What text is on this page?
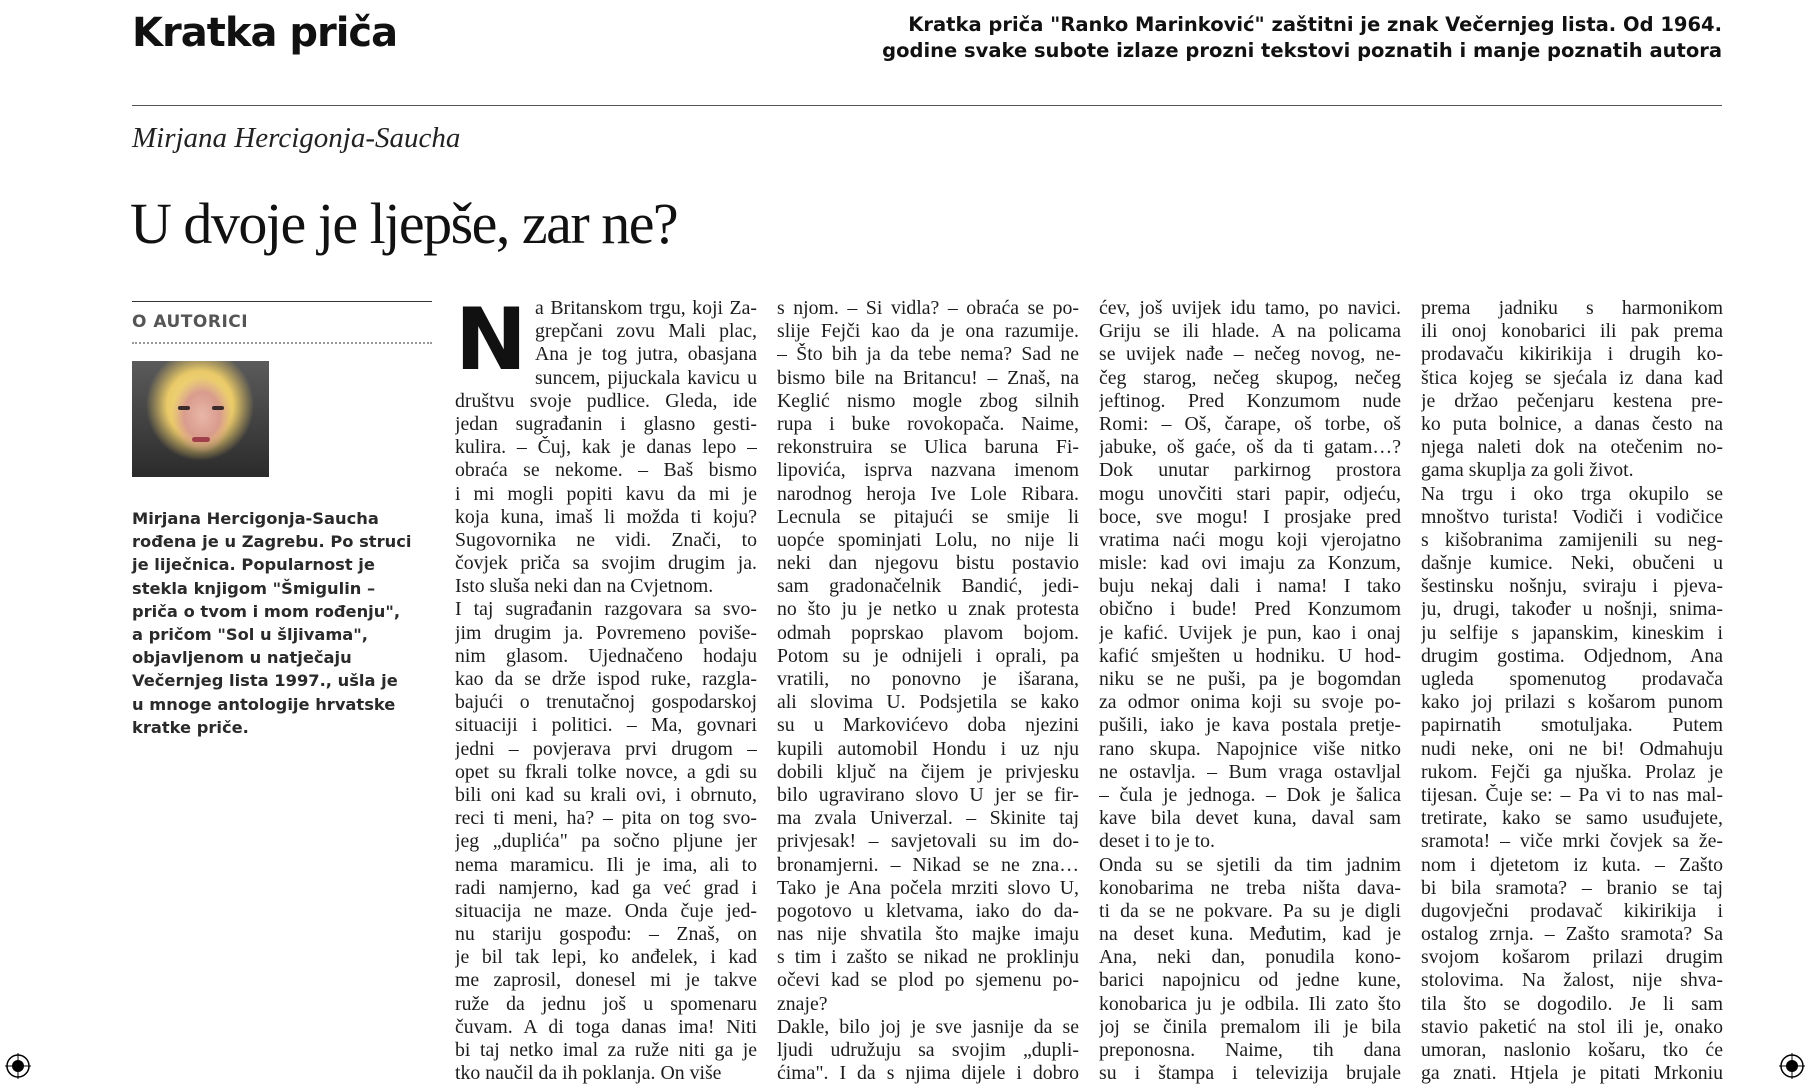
Kratka priča	Kratka priča "Ranko Marinković" zaštitni je znak Večernjeg lista. Od 1964.
godine svake subote izlaze prozni tekstovi poznatih i manje poznatih autora
Mirjana Hercigonja-Saucha
U dvoje je ljepše, zar ne?
O AUTORICI
Mirjana Hercigonja-Saucha
rođena je u Zagrebu. Po struci
je liječnica. Popularnost je
stekla knjigom "Šmigulin –
priča o tvom i mom rođenju",
a pričom "Sol u šljivama",
objavljenom u natječaju
Večernjeg lista 1997., ušla je
u mnoge antologije hrvatske
kratke priče.
N a Britanskom trgu, koji Za-
grepčani zovu Mali plac,
Ana je tog jutra, obasjana
suncem, pijuckala kavicu u
društvu svoje pudlice. Gleda, ide
jedan sugrađanin i glasno gesti-
kulira. – Čuj, kak je danas lepo –
obraća se nekome. – Baš bismo
i mi mogli popiti kavu da mi je
koja kuna, imaš li možda ti koju?
Sugovornika ne vidi. Znači, to
čovjek priča sa svojim drugim ja.
Isto sluša neki dan na Cvjetnom.
I taj sugrađanin razgovara sa svo-
jim drugim ja. Povremeno poviše-
nim glasom. Ujednačeno hodaju
kao da se drže ispod ruke, razgla-
bajući o trenutačnoj gospodarskoj
situaciji i politici. – Ma, govnari
jedni – povjerava prvi drugom –
opet su fkrali tolke novce, a gdi su
bili oni kad su krali ovi, i obrnuto,
reci ti meni, ha? – pita on tog svo-
jeg „duplića" pa sočno pljune jer
nema maramicu. Ili je ima, ali to
radi namjerno, kad ga već grad i
situacija ne maze. Onda čuje jed-
nu stariju gospođu: – Znaš, on
je bil tak lepi, ko anđelek, i kad
me zaprosil, donesel mi je takve
ruže da jednu još u spomenaru
čuvam. A di toga danas ima! Niti
bi taj netko imal za ruže niti ga je
tko naučil da ih poklanja. On više
s njom. – Si vidla? – obraća se po-
slije Fejči kao da je ona razumije.
– Što bih ja da tebe nema? Sad ne
bismo bile na Britancu! – Znaš, na
Keglić nismo mogle zbog silnih
rupa i buke rovokopača. Naime,
rekonstruira se Ulica baruna Fi-
lipovića, isprva nazvana imenom
narodnog heroja Ive Lole Ribara.
Lecnula se pitajući se smije li
uopće spominjati Lolu, no nije li
neki dan njegovu bistu postavio
sam gradonačelnik Bandić, jedi-
no što ju je netko u znak protesta
odmah poprskao plavom bojom.
Potom su je odnijeli i oprali, pa
vratili, no ponovno je išarana,
ali slovima U. Podsjetila se kako
su u Markovićevo doba njezini
kupili automobil Hondu i uz nju
dobili ključ na čijem je privjesku
bilo ugravirano slovo U jer se fir-
ma zvala Univerzal. – Skinite taj
privjesak! – savjetovali su im do-
bronamjerni. – Nikad se ne zna…
Tako je Ana počela mrziti slovo U,
pogotovo u kletvama, iako do da-
nas nije shvatila što majke imaju
s tim i zašto se nikad ne proklinju
očevi kad se plod po sjemenu po-
znaje?
Dakle, bilo joj je sve jasnije da se
ljudi udružuju sa svojim „dupli-
ćima". I da s njima dijele i dobro
ćev, još uvijek idu tamo, po navici.
Griju se ili hlade. A na policama
se uvijek nađe – nečeg novog, ne-
čeg starog, nečeg skupog, nečeg
jeftinog. Pred Konzumom nude
Romi: – Oš, čarape, oš torbe, oš
jabuke, oš gaće, oš da ti gatam…?
Dok unutar parkirnog prostora
mogu unovčiti stari papir, odjeću,
boce, sve mogu! I prosjake pred
vratima naći mogu koji vjerojatno
misle: kad ovi imaju za Konzum,
buju nekaj dali i nama! I tako
obično i bude! Pred Konzumom
je kafić. Uvijek je pun, kao i onaj
kafić smješten u hodniku. U hod-
niku se ne puši, pa je bogomdan
za odmor onima koji su svoje po-
pušili, iako je kava postala pretje-
rano skupa. Napojnice više nitko
ne ostavlja. – Bum vraga ostavljal
– čula je jednoga. – Dok je šalica
kave bila devet kuna, daval sam
deset i to je to.
Onda su se sjetili da tim jadnim
konobarima ne treba ništa dava-
ti da se ne pokvare. Pa su je digli
na deset kuna. Međutim, kad je
Ana, neki dan, ponudila kono-
barici napojnicu od jedne kune,
konobarica ju je odbila. Ili zato što
joj se činila premalom ili je bila
preponosna. Naime, tih dana
su i štampa i televizija brujale
prema jadniku s harmonikom
ili onoj konobarici ili pak prema
prodavaču kikirikija i drugih ko-
štica kojeg se sjećala iz dana kad
je držao pečenjaru kestena pre-
ko puta bolnice, a danas često na
njega naleti dok na otečenim no-
gama skuplja za goli život.
Na trgu i oko trga okupilo se
mnoštvo turista! Vodiči i vodičice
s kišobranima zamijenili su neg-
dašnje kumice. Neki, obučeni u
šestinsku nošnju, sviraju i pjeva-
ju, drugi, također u nošnji, snima-
ju selfije s japanskim, kineskim i
drugim gostima. Odjednom, Ana
ugleda spomenutog prodavača
kako joj prilazi s košarom punom
papirnatih smotuljaka. Putem
nudi neke, oni ne bi! Odmahuju
rukom. Fejči ga njuška. Prolaz je
tijesan. Čuje se: – Pa vi to nas mal-
tretirate, kako se samo usuđujete,
sramota! – viče mrki čovjek sa že-
nom i djetetom iz kuta. – Zašto
bi bila sramota? – branio se taj
dugovječni prodavač kikirikija i
ostalog zrnja. – Zašto sramota? Sa
svojom košarom prilazi drugim
stolovima. Na žalost, nije shva-
tila što se dogodilo. Je li sam
stavio paketić na stol ili je, onako
umoran, naslonio košaru, tko će
ga znati. Htjela je pitati Mrkoniu
